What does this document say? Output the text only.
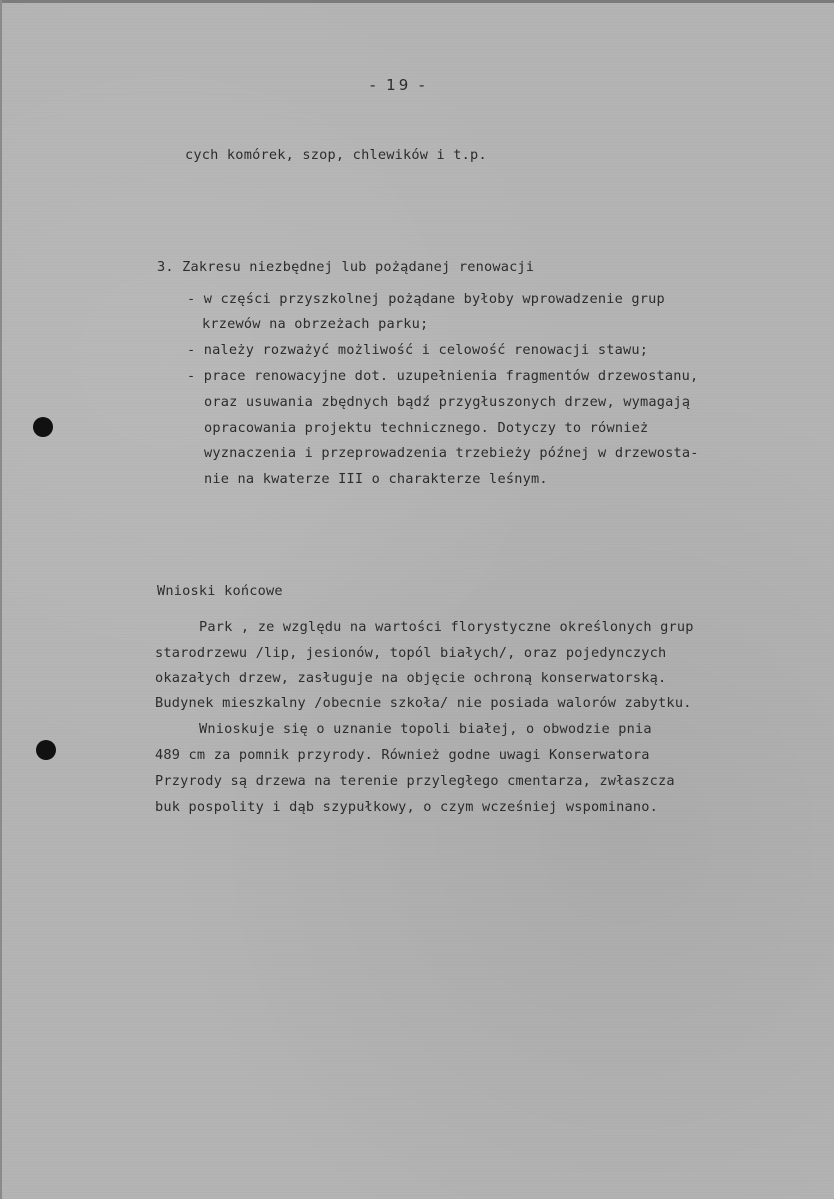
- 19 -
cych komórek, szop, chlewików i t.p.
3. Zakresu niezbędnej lub pożądanej renowacji
- w części przyszkolnej pożądane byłoby wprowadzenie grup
krzewów na obrzeżach parku;
- należy rozważyć możliwość i celowość renowacji stawu;
- prace renowacyjne dot. uzupełnienia fragmentów drzewostanu,
oraz usuwania zbędnych bądź przygłuszonych drzew, wymagają
opracowania projektu technicznego. Dotyczy to również
wyznaczenia i przeprowadzenia trzebieży późnej w drzewosta-
nie na kwaterze III o charakterze leśnym.
Wnioski końcowe
Park , ze względu na wartości florystyczne określonych grup
starodrzewu /lip, jesionów, topól białych/, oraz pojedynczych
okazałych drzew, zasługuje na objęcie ochroną konserwatorską.
Budynek mieszkalny /obecnie szkoła/ nie posiada walorów zabytku.
Wnioskuje się o uznanie topoli białej, o obwodzie pnia
489 cm za pomnik przyrody. Również godne uwagi Konserwatora
Przyrody są drzewa na terenie przyległego cmentarza, zwłaszcza
buk pospolity i dąb szypułkowy, o czym wcześniej wspominano.
